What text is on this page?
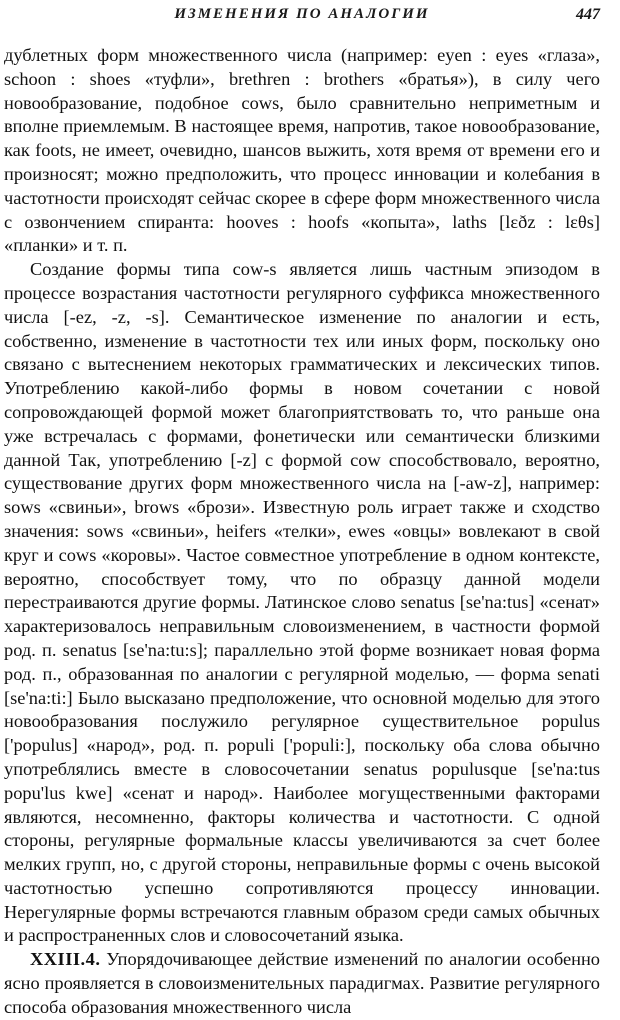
ИЗМЕНЕНИЯ ПО АНАЛОГИИ	447

дублетных форм множественного числа (например: eyen : eyes «глаза», schoon : shoes «туфли», brethren : brothers «братья»), в силу чего новообразование, подобное cows, было сравнительно неприметным и вполне приемлемым. В настоящее время, напротив, такое новообразование, как foots, не имеет, очевидно, шансов выжить, хотя время от времени его и произносят; можно предположить, что процесс инновации и колебания в частотности происходят сейчас скорее в сфере форм множественного числа с озвончением спиранта: hooves : hoofs «копыта», laths [lɛðz : lɛθs] «планки» и т. п.

Создание формы типа cow-s является лишь частным эпизодом в процессе возрастания частотности регулярного суффикса множественного числа [-ez, -z, -s]. Семантическое изменение по аналогии и есть, собственно, изменение в частотности тех или иных форм, поскольку оно связано с вытеснением некоторых грамматических и лексических типов. Употреблению какой-либо формы в новом сочетании с новой сопровождающей формой может благоприятствовать то, что раньше она уже встречалась с формами, фонетически или семантически близкими данной Так, употреблению [-z] с формой cow способствовало, вероятно, существование других форм множественного числа на [-aw-z], например: sows «свиньи», brows «брози». Известную роль играет также и сходство значения: sows «свиньи», heifers «телки», ewes «овцы» вовлекают в свой круг и cows «коровы». Частое совместное употребление в одном контексте, вероятно, способствует тому, что по образцу данной модели перестраиваются другие формы. Латинское слово senatus [se'na:tus] «сенат» характеризовалось неправильным словоизменением, в частности формой род. п. senatus [se'na:tu:s]; параллельно этой форме возникает новая форма род. п., образованная по аналогии с регулярной моделью, — форма senati [se'na:ti:] Было высказано предположение, что основной моделью для этого новообразования послужило регулярное существительное populus ['populus] «народ», род. п. populi ['populi:], поскольку оба слова обычно употреблялись вместе в словосочетании senatus populusque [se'na:tus popu'lus kwe] «сенат и народ». Наиболее могущественными факторами являются, несомненно, факторы количества и частотности. С одной стороны, регулярные формальные классы увеличиваются за счет более мелких групп, но, с другой стороны, неправильные формы с очень высокой частотностью успешно сопротивляются процессу инновации. Нерегулярные формы встречаются главным образом среди самых обычных и распространенных слов и словосочетаний языка.

XXIII.4. Упорядочивающее действие изменений по аналогии особенно ясно проявляется в словоизменительных парадигмах. Развитие регулярного способа образования множественного числа
